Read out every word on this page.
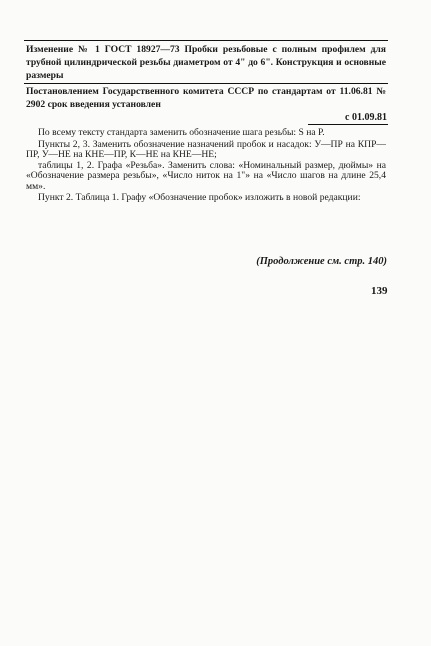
Изменение № 1 ГОСТ 18927—73 Пробки резьбовые с полным профилем для трубной цилиндрической резьбы диаметром от 4" до 6". Конструкция и основные размеры
Постановлением Государственного комитета СССР по стандартам от 11.06.81 № 2902 срок введения установлен
с 01.09.81

По всему тексту стандарта заменить обозначение шага резьбы: S на P.

Пункты 2, 3. Заменить обозначение назначений пробок и насадок: У—ПР на КПР—ПР, У—НЕ на КНЕ—ПР, К—НЕ на КНЕ—НЕ;

таблицы 1, 2. Графа «Резьба». Заменить слова: «Номинальный размер, дюймы» на «Обозначение размера резьбы», «Число ниток на 1"» на «Число шагов на длине 25,4 мм».

Пункт 2. Таблица 1. Графу «Обозначение пробок» изложить в новой редакции:

(Продолжение см. стр. 140)
139
